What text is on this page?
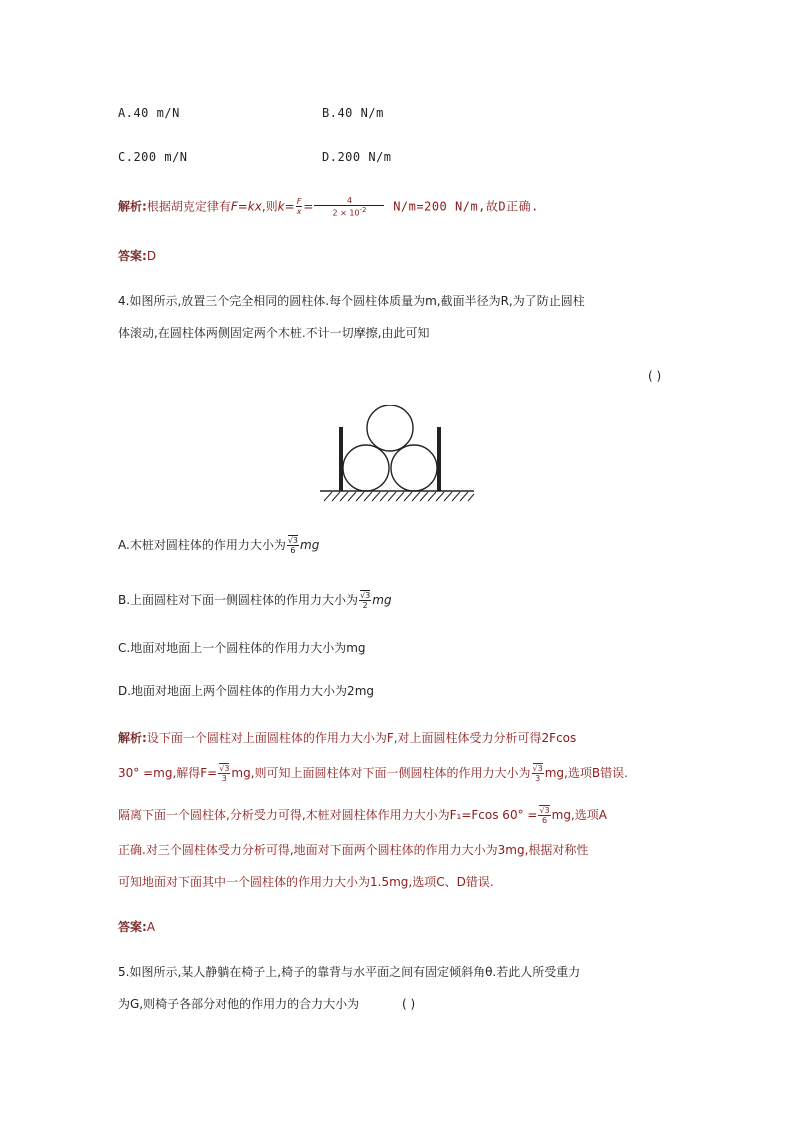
A.40 m/N	B.40 N/m
C.200 m/N	D.200 N/m
解析:根据胡克定律有F=kx,则$k= \frac{F}{x} = \frac{4}{2 \times 10-2} N/m=200$ N/m,故D正确.
答案:D
4.如图所示,放置三个完全相同的圆柱体.每个圆柱体质量为m,截面半径为R,为了防止圆柱
体滚动,在圆柱体两侧固定两个木桩.不计一切摩擦,由此可知
( )
A.木桩对圆柱体的作用力大小为 $\frac{√3}{6}$ mg
B.上面圆柱对下面一侧圆柱体的作用力大小为 $\frac{√3}{2}$ mg
C.地面对地面上一个圆柱体的作用力大小为mg
D.地面对地面上两个圆柱体的作用力大小为2mg
解析:设下面一个圆柱对上面圆柱体的作用力大小为F,对上面圆柱体受力分析可得2Fcos
30° =mg,解得$F= \frac{√3}{3}$ mg,则可知上面圆柱体对下面一侧圆柱体的作用力大小为 $\frac{√3}{3}$ mg,选项B错误.
隔离下面一个圆柱体,分析受力可得,木桩对圆柱体作用力大小为F₁=Fcos $60^\circ = \frac{√3}{6}$ mg,选项A
正确.对三个圆柱体受力分析可得,地面对下面两个圆柱体的作用力大小为3mg,根据对称性
可知地面对下面其中一个圆柱体的作用力大小为1.5mg,选项C、D错误.
答案:A
5.如图所示,某人静躺在椅子上,椅子的靠背与水平面之间有固定倾斜角θ.若此人所受重力
为G,则椅子各部分对他的作用力的合力大小为	( )
